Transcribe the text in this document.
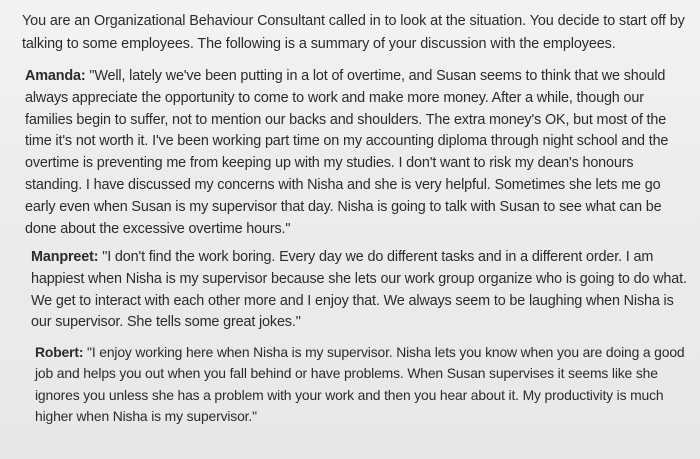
You are an Organizational Behaviour Consultant called in to look at the situation. You decide to start off by talking to some employees. The following is a summary of your discussion with the employees.

Amanda: "Well, lately we've been putting in a lot of overtime, and Susan seems to think that we should always appreciate the opportunity to come to work and make more money. After a while, though our families begin to suffer, not to mention our backs and shoulders. The extra money's OK, but most of the time it's not worth it. I've been working part time on my accounting diploma through night school and the overtime is preventing me from keeping up with my studies. I don't want to risk my dean's honours standing. I have discussed my concerns with Nisha and she is very helpful. Sometimes she lets me go early even when Susan is my supervisor that day. Nisha is going to talk with Susan to see what can be done about the excessive overtime hours."

Manpreet: "I don't find the work boring. Every day we do different tasks and in a different order. I am happiest when Nisha is my supervisor because she lets our work group organize who is going to do what. We get to interact with each other more and I enjoy that. We always seem to be laughing when Nisha is our supervisor. She tells some great jokes."

Robert: "I enjoy working here when Nisha is my supervisor. Nisha lets you know when you are doing a good job and helps you out when you fall behind or have problems. When Susan supervises it seems like she ignores you unless she has a problem with your work and then you hear about it. My productivity is much higher when Nisha is my supervisor."
